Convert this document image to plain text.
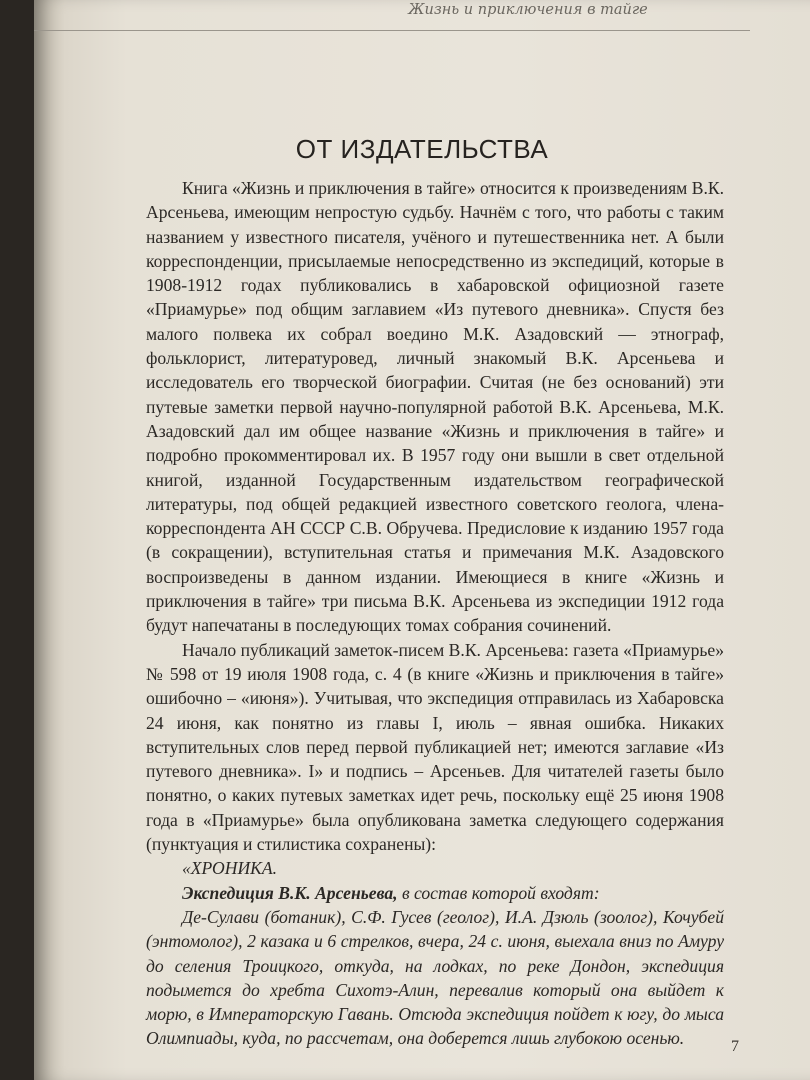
Жизнь и приключения в тайге
ОТ ИЗДАТЕЛЬСТВА

Книга «Жизнь и приключения в тайге» относится к произведениям В.К. Арсеньева, имеющим непростую судьбу. Начнём с того, что работы с таким названием у известного писателя, учёного и путешественника нет. А были корреспонденции, присылаемые непосредственно из экспедиций, которые в 1908-1912 годах публиковались в хабаровской официозной газете «Приамурье» под общим заглавием «Из путевого дневника». Спустя без малого полвека их собрал воедино М.К. Азадовский — этнограф, фольклорист, литературовед, личный знакомый В.К. Арсеньева и исследователь его творческой биографии. Считая (не без оснований) эти путевые заметки первой научно-популярной работой В.К. Арсеньева, М.К. Азадовский дал им общее название «Жизнь и приключения в тайге» и подробно прокомментировал их. В 1957 году они вышли в свет отдельной книгой, изданной Государственным издательством географической литературы, под общей редакцией известного советского геолога, члена-корреспондента АН СССР С.В. Обручева. Предисловие к изданию 1957 года (в сокращении), вступительная статья и примечания М.К. Азадовского воспроизведены в данном издании. Имеющиеся в книге «Жизнь и приключения в тайге» три письма В.К. Арсеньева из экспедиции 1912 года будут напечатаны в последующих томах собрания сочинений.

Начало публикаций заметок-писем В.К. Арсеньева: газета «Приамурье» № 598 от 19 июля 1908 года, с. 4 (в книге «Жизнь и приключения в тайге» ошибочно – «июня»). Учитывая, что экспедиция отправилась из Хабаровска 24 июня, как понятно из главы I, июль – явная ошибка. Никаких вступительных слов перед первой публикацией нет; имеются заглавие «Из путевого дневника». I» и подпись – Арсеньев. Для читателей газеты было понятно, о каких путевых заметках идет речь, поскольку ещё 25 июня 1908 года в «Приамурье» была опубликована заметка следующего содержания (пунктуация и стилистика сохранены):

«ХРОНИКА.

Экспедиция В.К. Арсеньева, в состав которой входят:

Де-Сулави (ботаник), С.Ф. Гусев (геолог), И.А. Дзюль (зоолог), Кочубей (энтомолог), 2 казака и 6 стрелков, вчера, 24 с. июня, выехала вниз по Амуру до селения Троицкого, откуда, на лодках, по реке Дондон, экспедиция подымется до хребта Сихотэ-Алин, перевалив который она выйдет к морю, в Императорскую Гавань. Отсюда экспедиция пойдет к югу, до мыса Олимпиады, куда, по рассчетам, она доберется лишь глубокою осенью.	7
